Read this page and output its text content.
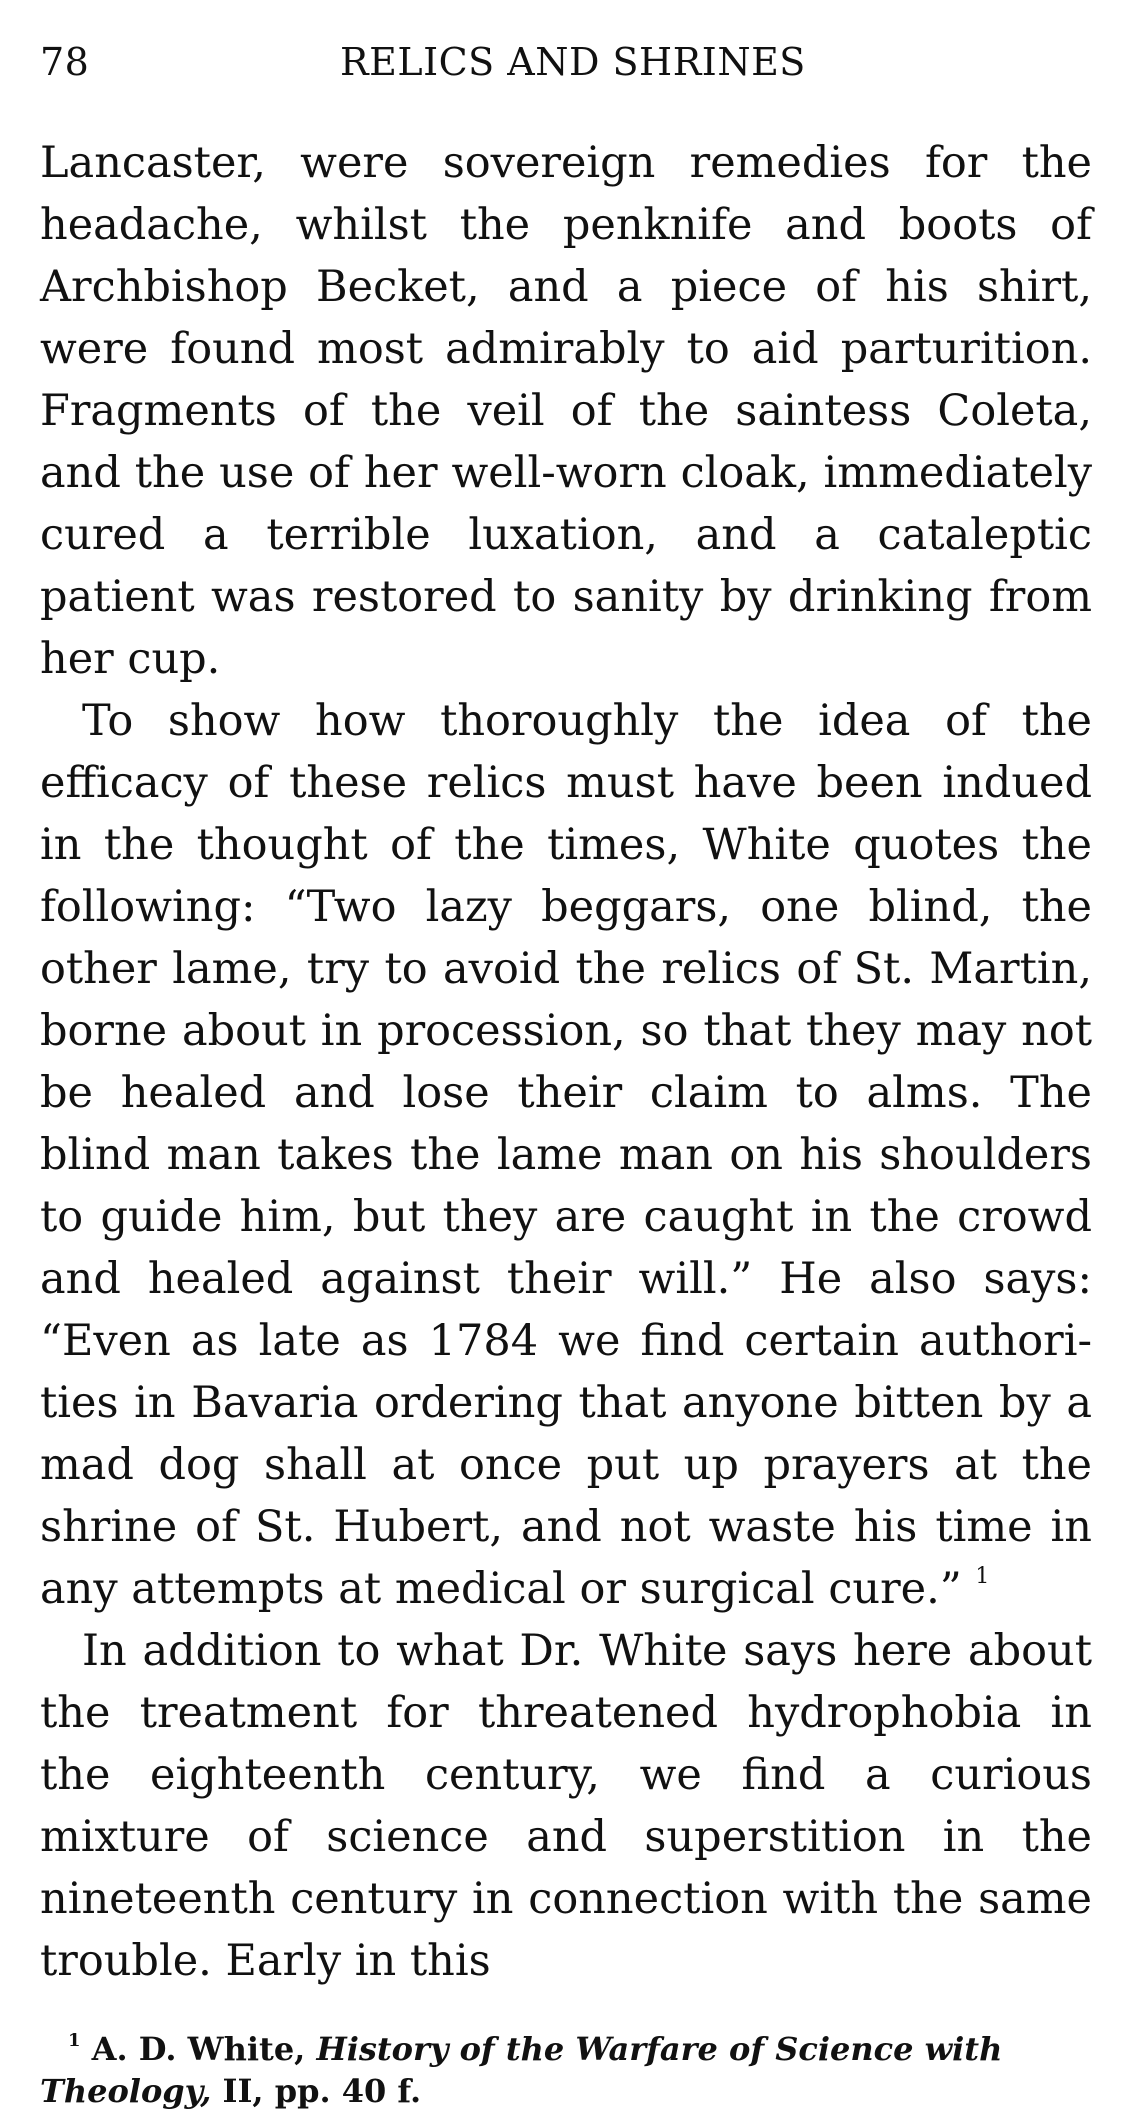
78	RELICS AND SHRINES

Lancaster, were sovereign remedies for the headache, whilst the penknife and boots of Archbishop Becket, and a piece of his shirt, were found most admirably to aid parturition. Fragments of the veil of the saintess Coleta, and the use of her well-worn cloak, immediately cured a terrible luxation, and a cataleptic patient was restored to sanity by drinking from her cup.

To show how thoroughly the idea of the efficacy of these relics must have been indued in the thought of the times, White quotes the following: “Two lazy beggars, one blind, the other lame, try to avoid the relics of St. Martin, borne about in procession, so that they may not be healed and lose their claim to alms. The blind man takes the lame man on his shoulders to guide him, but they are caught in the crowd and healed against their will.” He also says: “Even as late as 1784 we find certain authorities in Bavaria ordering that anyone bitten by a mad dog shall at once put up prayers at the shrine of St. Hubert, and not waste his time in any attempts at medical or surgical cure.” $^1$

In addition to what Dr. White says here about the treatment for threatened hydrophobia in the eighteenth century, we find a curious mixture of science and superstition in the nineteenth century in connection with the same trouble. Early in this

$^1$ A. D. White, History of the Warfare of Science with Theology, II, pp. 40 f.
